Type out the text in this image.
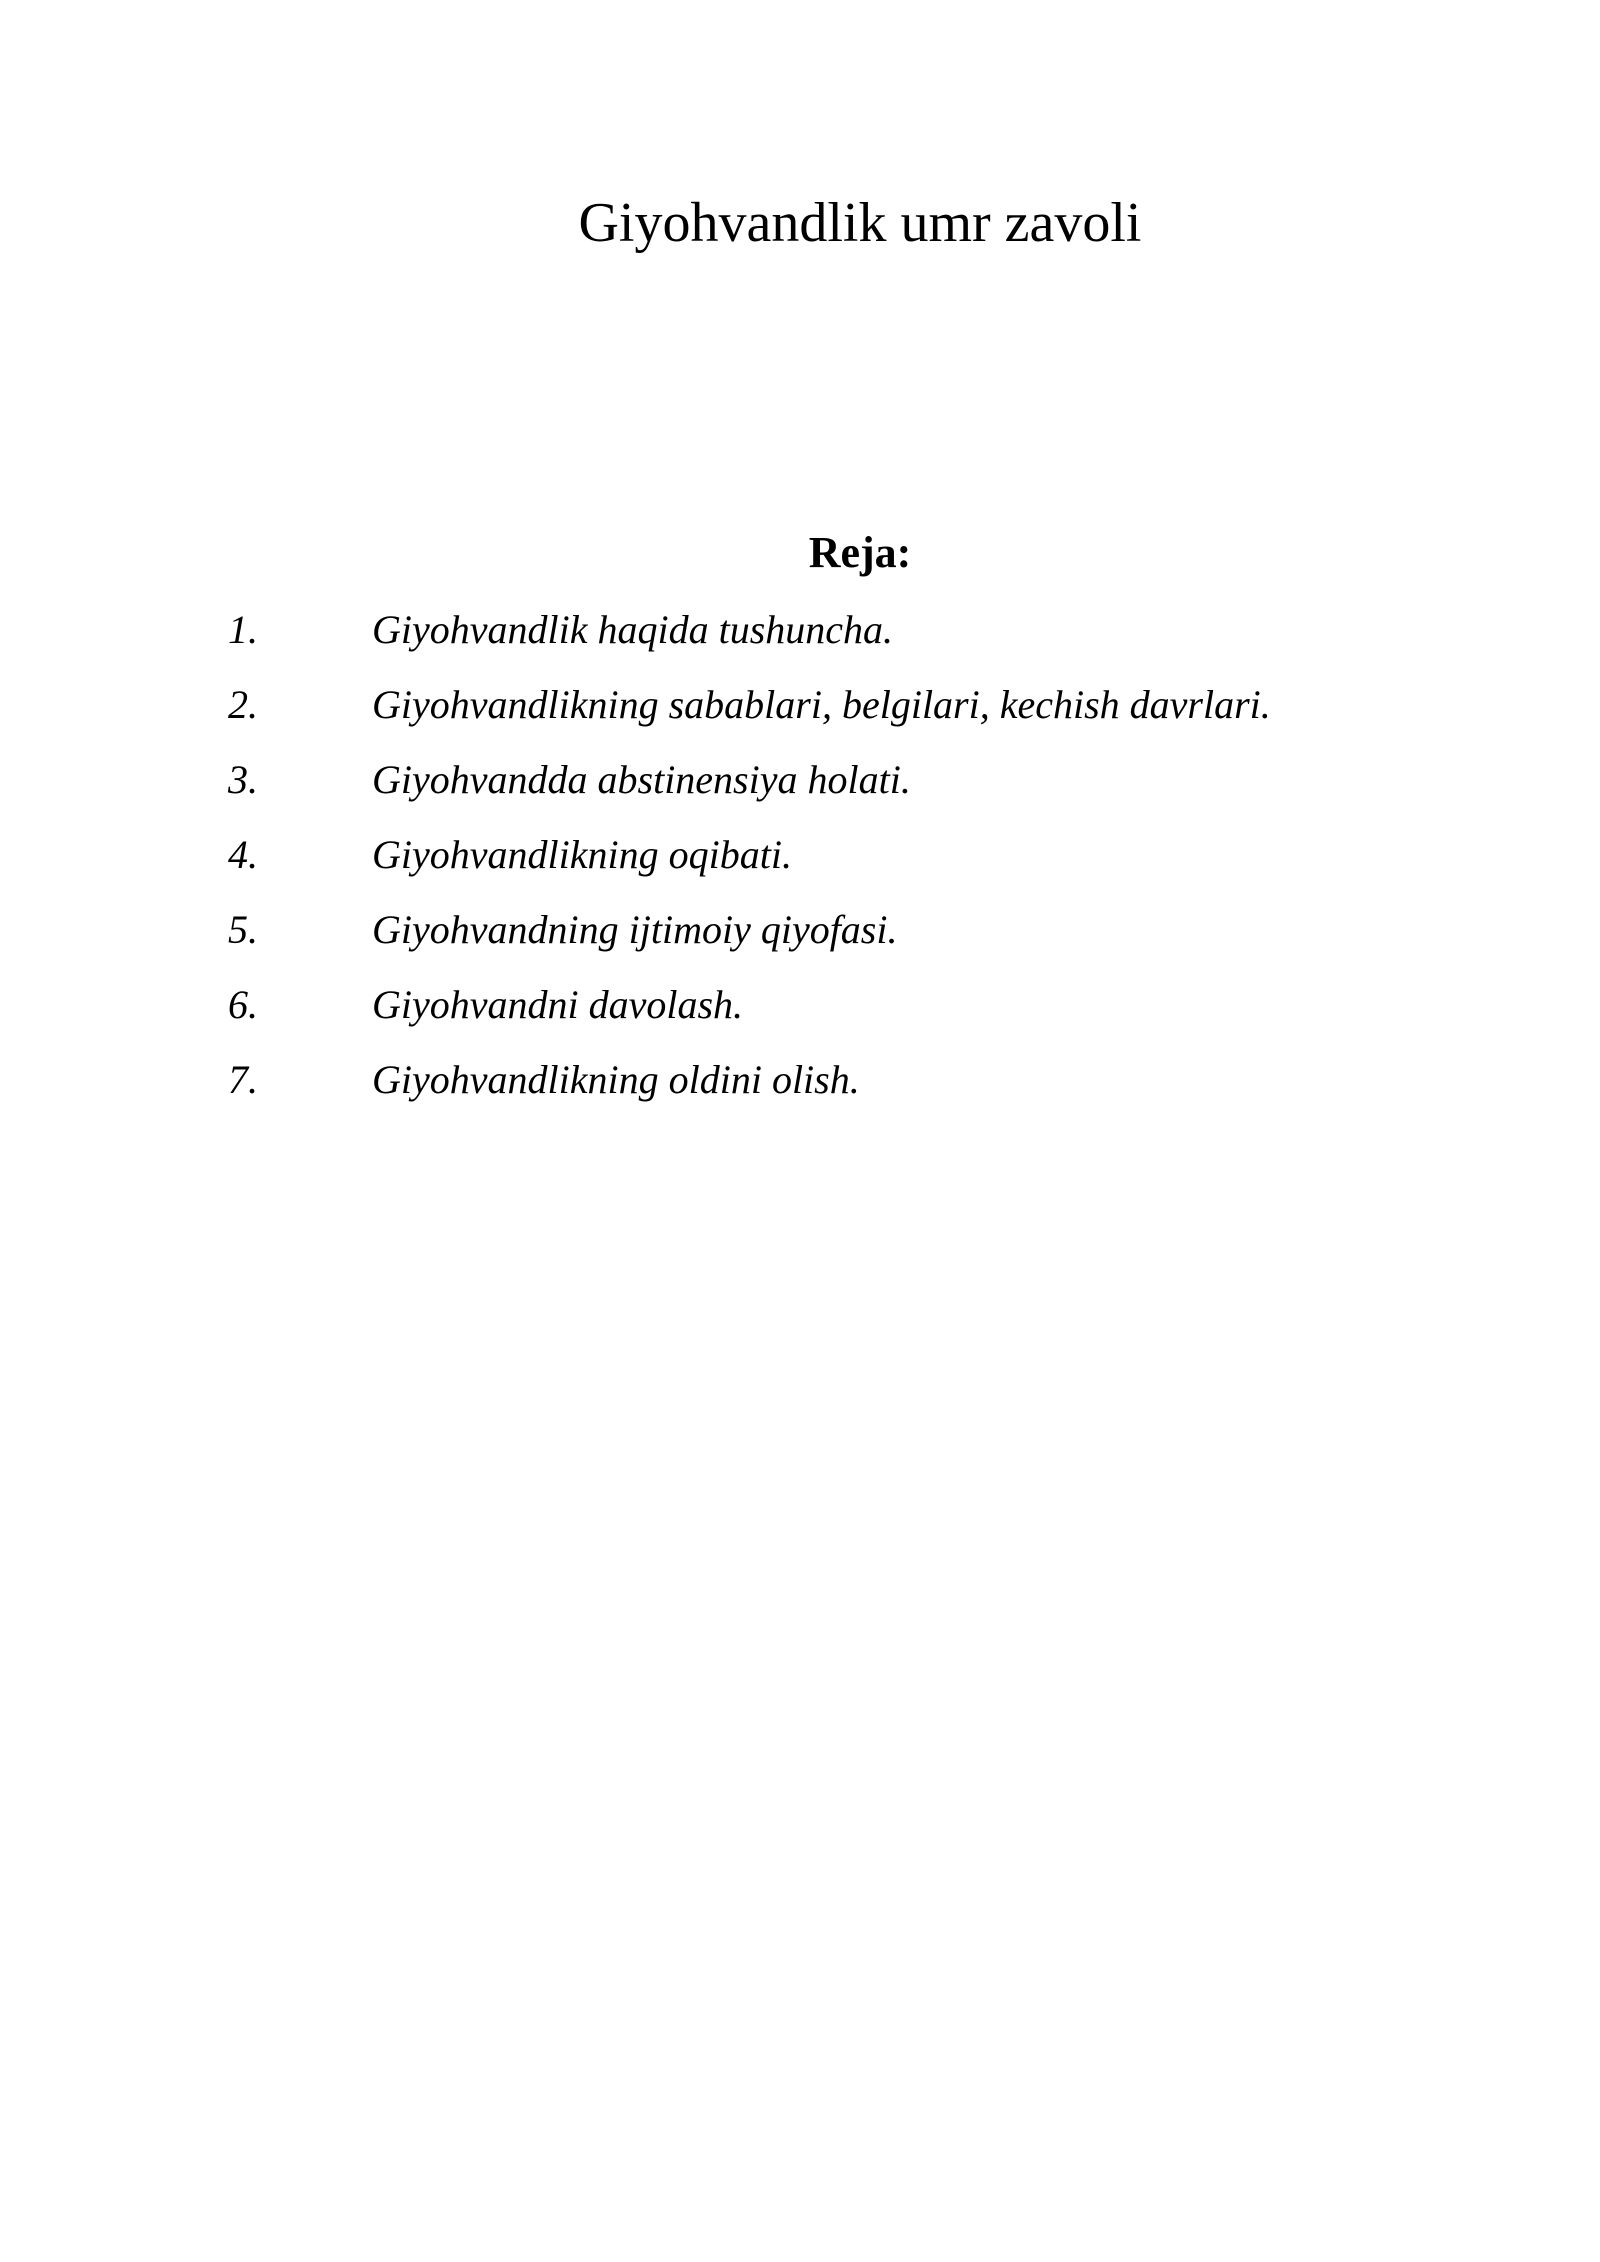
Giyohvandlik umr zavoli
Reja:
1.	Giyohvandlik haqida tushuncha.
2.	Giyohvandlikning sabablari, belgilari, kechish davrlari.
3.	Giyohvandda abstinensiya holati.
4.	Giyohvandlikning oqibati.
5.	Giyohvandning ijtimoiy qiyofasi.
6.	Giyohvandni davolash.
7.	Giyohvandlikning oldini olish.
